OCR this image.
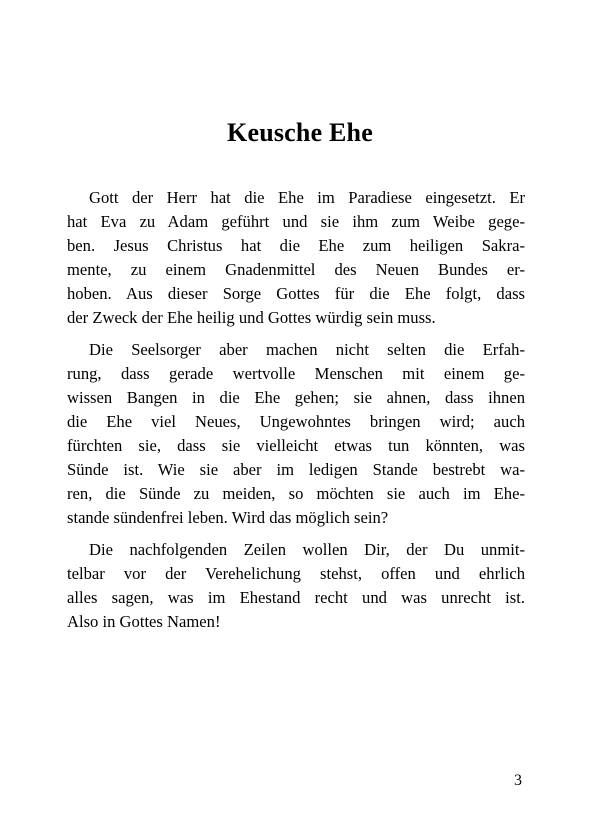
Keusche Ehe
Gott der Herr hat die Ehe im Paradiese eingesetzt. Er
hat Eva zu Adam geführt und sie ihm zum Weibe gege-
ben. Jesus Christus hat die Ehe zum heiligen Sakra-
mente, zu einem Gnadenmittel des Neuen Bundes er-
hoben. Aus dieser Sorge Gottes für die Ehe folgt, dass
der Zweck der Ehe heilig und Gottes würdig sein muss.
Die Seelsorger aber machen nicht selten die Erfah-
rung, dass gerade wertvolle Menschen mit einem ge-
wissen Bangen in die Ehe gehen; sie ahnen, dass ihnen
die Ehe viel Neues, Ungewohntes bringen wird; auch
fürchten sie, dass sie vielleicht etwas tun könnten, was
Sünde ist. Wie sie aber im ledigen Stande bestrebt wa-
ren, die Sünde zu meiden, so möchten sie auch im Ehe-
stande sündenfrei leben. Wird das möglich sein?
Die nachfolgenden Zeilen wollen Dir, der Du unmit-
telbar vor der Verehelichung stehst, offen und ehrlich
alles sagen, was im Ehestand recht und was unrecht ist.
Also in Gottes Namen!
3
